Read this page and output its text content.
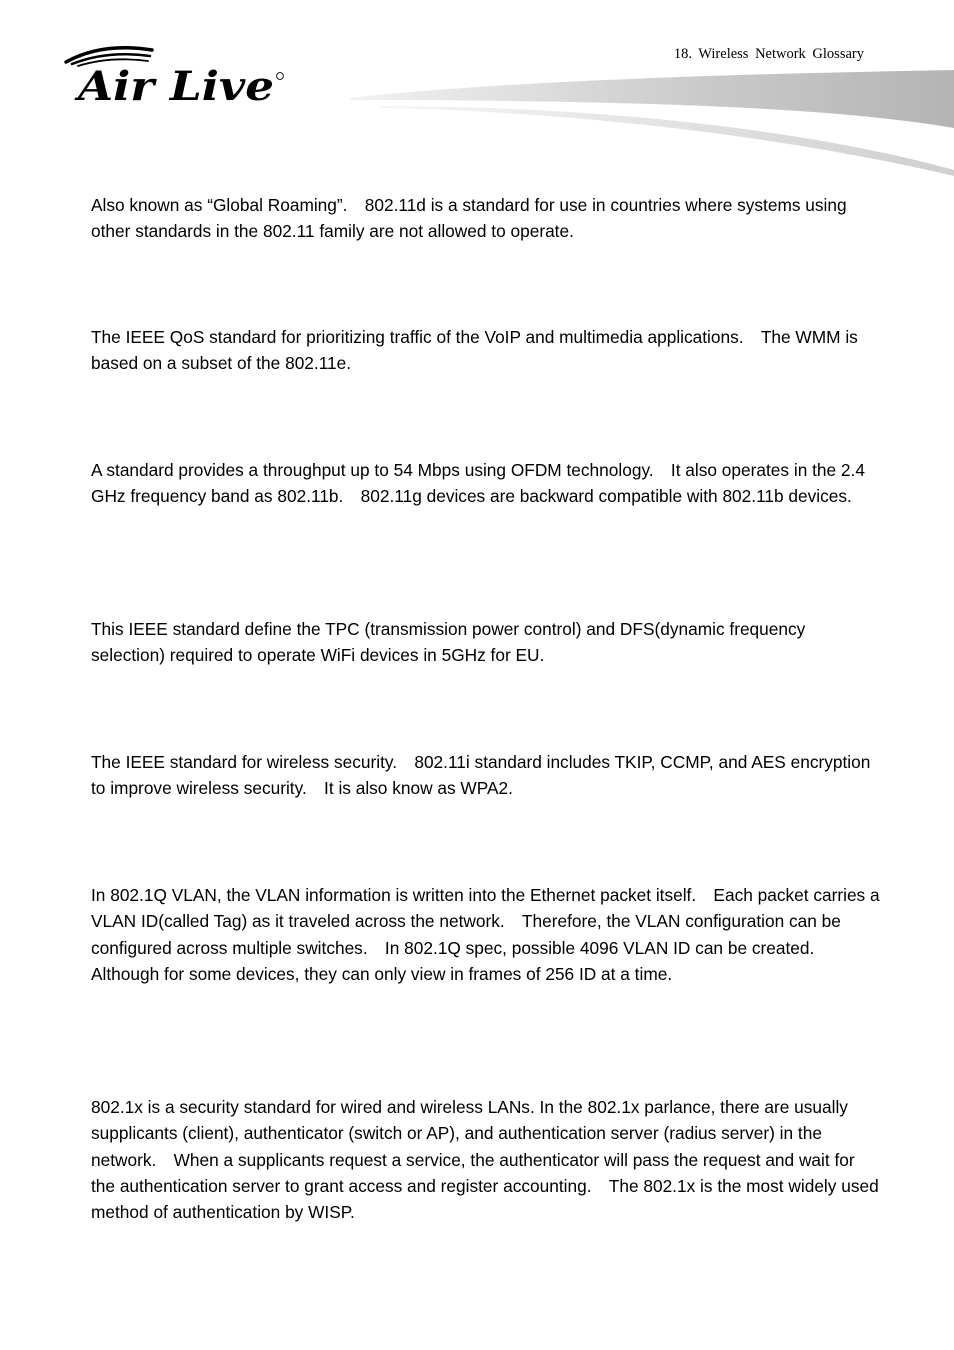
Air Live
18. Wireless Network Glossary

Also known as “Global Roaming”.　802.11d is a standard for use in countries where systems using other standards in the 802.11 family are not allowed to operate.

The IEEE QoS standard for prioritizing traffic of the VoIP and multimedia applications.　The WMM is based on a subset of the 802.11e.

A standard provides a throughput up to 54 Mbps using OFDM technology.　It also operates in the 2.4 GHz frequency band as 802.11b.　802.11g devices are backward compatible with 802.11b devices.

This IEEE standard define the TPC (transmission power control) and DFS(dynamic frequency selection) required to operate WiFi devices in 5GHz for EU.

The IEEE standard for wireless security.　802.11i standard includes TKIP, CCMP, and AES encryption to improve wireless security.　It is also know as WPA2.

In 802.1Q VLAN, the VLAN information is written into the Ethernet packet itself.　Each packet carries a VLAN ID(called Tag) as it traveled across the network.　Therefore, the VLAN configuration can be configured across multiple switches.　In 802.1Q spec, possible 4096 VLAN ID can be created.　Although for some devices, they can only view in frames of 256 ID at a time.

802.1x is a security standard for wired and wireless LANs. In the 802.1x parlance, there are usually supplicants (client), authenticator (switch or AP), and authentication server (radius server) in the network.　When a supplicants request a service, the authenticator will pass the request and wait for the authentication server to grant access and register accounting.　The 802.1x is the most widely used method of authentication by WISP.
